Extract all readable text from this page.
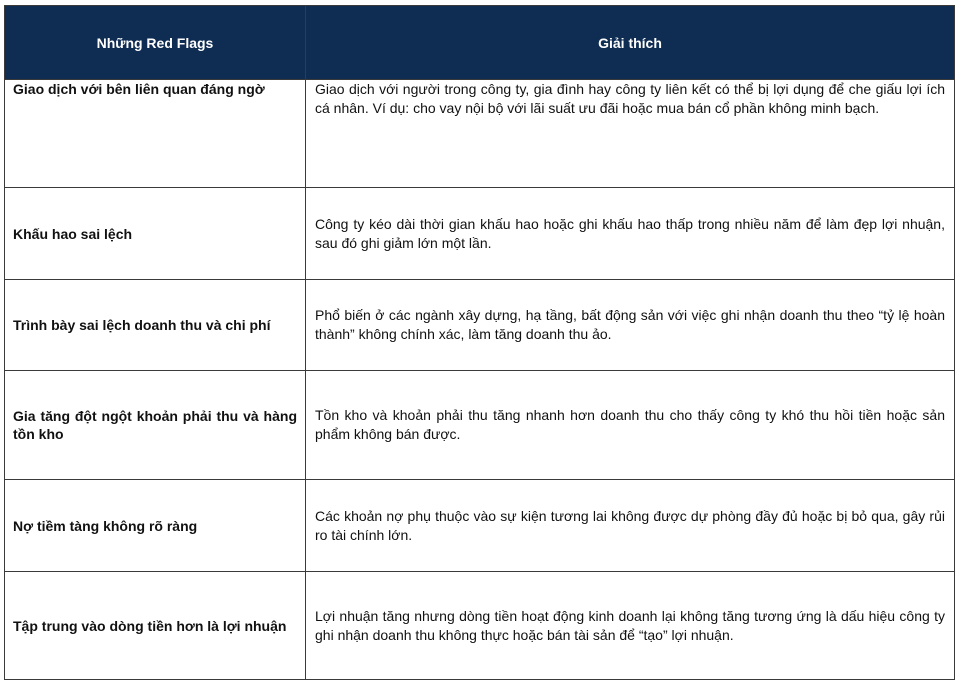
Những Red Flags	Giải thích

Giao dịch với bên liên quan đáng ngờ	Giao dịch với người trong công ty, gia đình hay công ty liên kết có thể bị lợi dụng để che giấu lợi ích cá nhân. Ví dụ: cho vay nội bộ với lãi suất ưu đãi hoặc mua bán cổ phần không minh bạch.

Khấu hao sai lệch	Công ty kéo dài thời gian khấu hao hoặc ghi khấu hao thấp trong nhiều năm để làm đẹp lợi nhuận, sau đó ghi giảm lớn một lần.

Trình bày sai lệch doanh thu và chi phí	Phổ biến ở các ngành xây dựng, hạ tầng, bất động sản với việc ghi nhận doanh thu theo “tỷ lệ hoàn thành” không chính xác, làm tăng doanh thu ảo.

Gia tăng đột ngột khoản phải thu và hàng tồn kho	Tồn kho và khoản phải thu tăng nhanh hơn doanh thu cho thấy công ty khó thu hồi tiền hoặc sản phẩm không bán được.

Nợ tiềm tàng không rõ ràng	Các khoản nợ phụ thuộc vào sự kiện tương lai không được dự phòng đầy đủ hoặc bị bỏ qua, gây rủi ro tài chính lớn.

Tập trung vào dòng tiền hơn là lợi nhuận	Lợi nhuận tăng nhưng dòng tiền hoạt động kinh doanh lại không tăng tương ứng là dấu hiệu công ty ghi nhận doanh thu không thực hoặc bán tài sản để “tạo” lợi nhuận.
